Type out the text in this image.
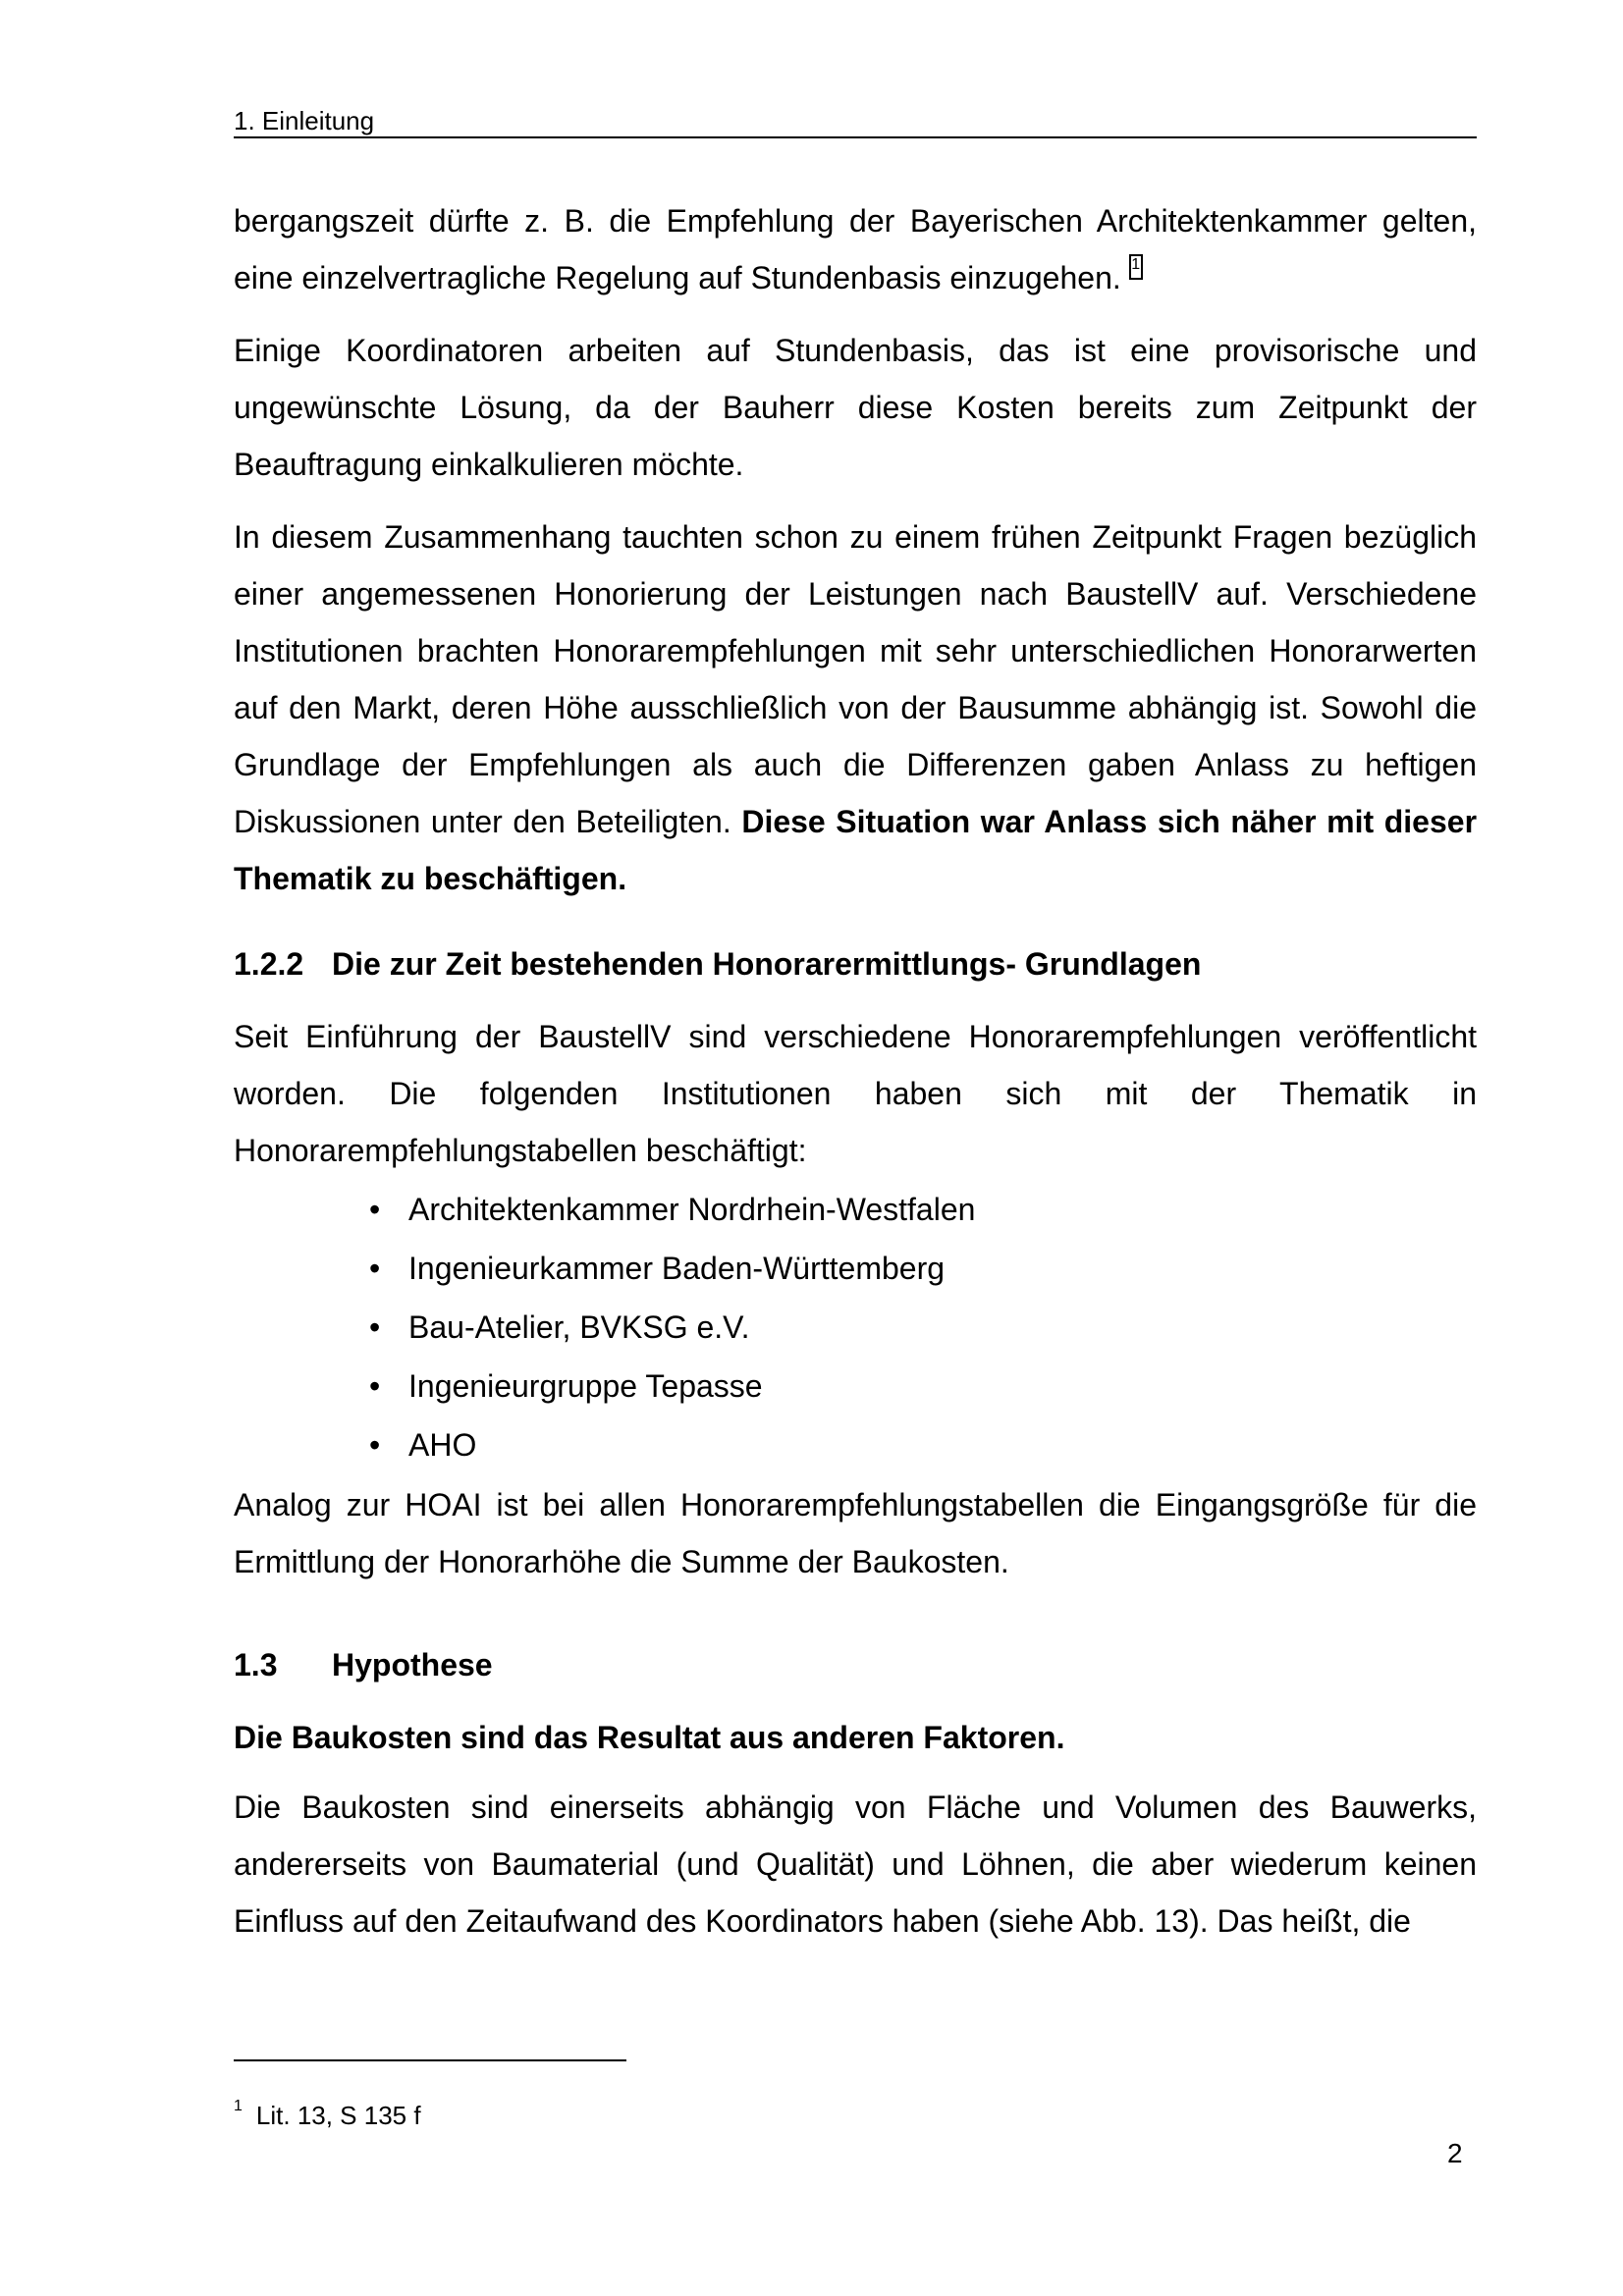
1. Einleitung

bergangszeit dürfte z. B. die Empfehlung der Bayerischen Architektenkammer gelten, eine einzelvertragliche Regelung auf Stundenbasis einzugehen. 1

Einige Koordinatoren arbeiten auf Stundenbasis, das ist eine provisorische und ungewünschte Lösung, da der Bauherr diese Kosten bereits zum Zeitpunkt der Beauftragung einkalkulieren möchte.

In diesem Zusammenhang tauchten schon zu einem frühen Zeitpunkt Fragen bezüglich einer angemessenen Honorierung der Leistungen nach BaustellV auf. Verschiedene Institutionen brachten Honorarempfehlungen mit sehr unterschiedlichen Honorarwerten auf den Markt, deren Höhe ausschließlich von der Bausumme abhängig ist. Sowohl die Grundlage der Empfehlungen als auch die Differenzen gaben Anlass zu heftigen Diskussionen unter den Beteiligten. Diese Situation war Anlass sich näher mit dieser Thematik zu beschäftigen.

1.2.2 Die zur Zeit bestehenden Honorarermittlungs- Grundlagen
Seit Einführung der BaustellV sind verschiedene Honorarempfehlungen veröffentlicht worden. Die folgenden Institutionen haben sich mit der Thematik in Honorarempfehlungstabellen beschäftigt:
• Architektenkammer Nordrhein-Westfalen
• Ingenieurkammer Baden-Württemberg
• Bau-Atelier, BVKSG e.V.
• Ingenieurgruppe Tepasse
• AHO
Analog zur HOAI ist bei allen Honorarempfehlungstabellen die Eingangsgröße für die Ermittlung der Honorarhöhe die Summe der Baukosten.
1.3 Hypothese
Die Baukosten sind das Resultat aus anderen Faktoren.
Die Baukosten sind einerseits abhängig von Fläche und Volumen des Bauwerks, andererseits von Baumaterial (und Qualität) und Löhnen, die aber wiederum keinen Einfluss auf den Zeitaufwand des Koordinators haben (siehe Abb. 13). Das heißt, die
$^1$ Lit. 13, S 135 f
2
